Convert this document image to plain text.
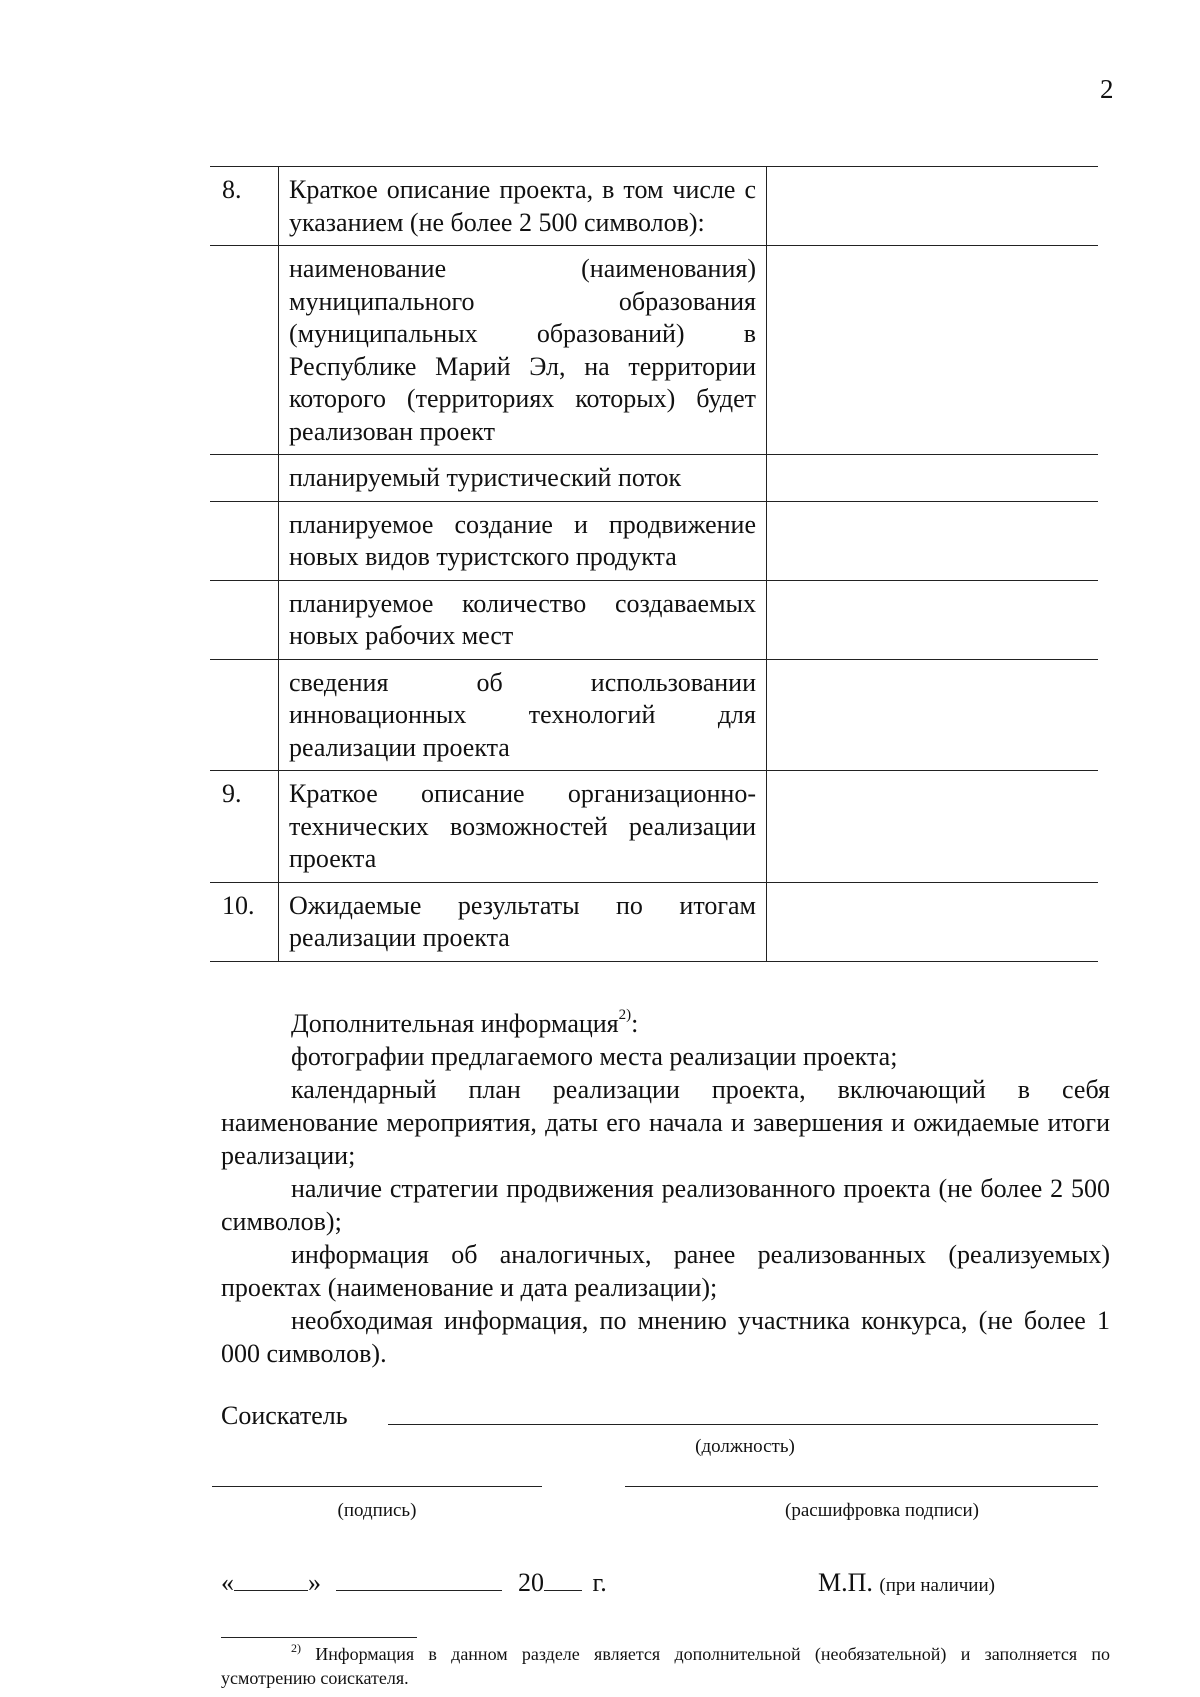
2
8.	Краткое описание проекта, в том числе с указанием (не более 2 500 символов):	
	наименование (наименования) муниципального образования (муниципальных образований) в Республике Марий Эл, на территории которого (территориях которых) будет реализован проект	
	планируемый туристический поток	
	планируемое создание и продвижение новых видов туристского продукта	
	планируемое количество создаваемых новых рабочих мест	
	сведения об использовании инновационных технологий для реализации проекта	
9.	Краткое описание организационно-технических возможностей реализации проекта	
10.	Ожидаемые результаты по итогам реализации проекта	

Дополнительная информация$^{2)}$:

фотографии предлагаемого места реализации проекта;

календарный план реализации проекта, включающий в себя наименование мероприятия, даты его начала и завершения и ожидаемые итоги реализации;

наличие стратегии продвижения реализованного проекта (не более 2 500 символов);

информация об аналогичных, ранее реализованных (реализуемых) проектах (наименование и дата реализации);

необходимая информация, по мнению участника конкурса, (не более 1 000 символов).

Соискатель
(должность)
(подпись)	(расшифровка подписи)
«	»	20 г.	М.П. (при наличии)
$^{2)}$ Информация в данном разделе является дополнительной (необязательной) и заполняется по усмотрению соискателя.
